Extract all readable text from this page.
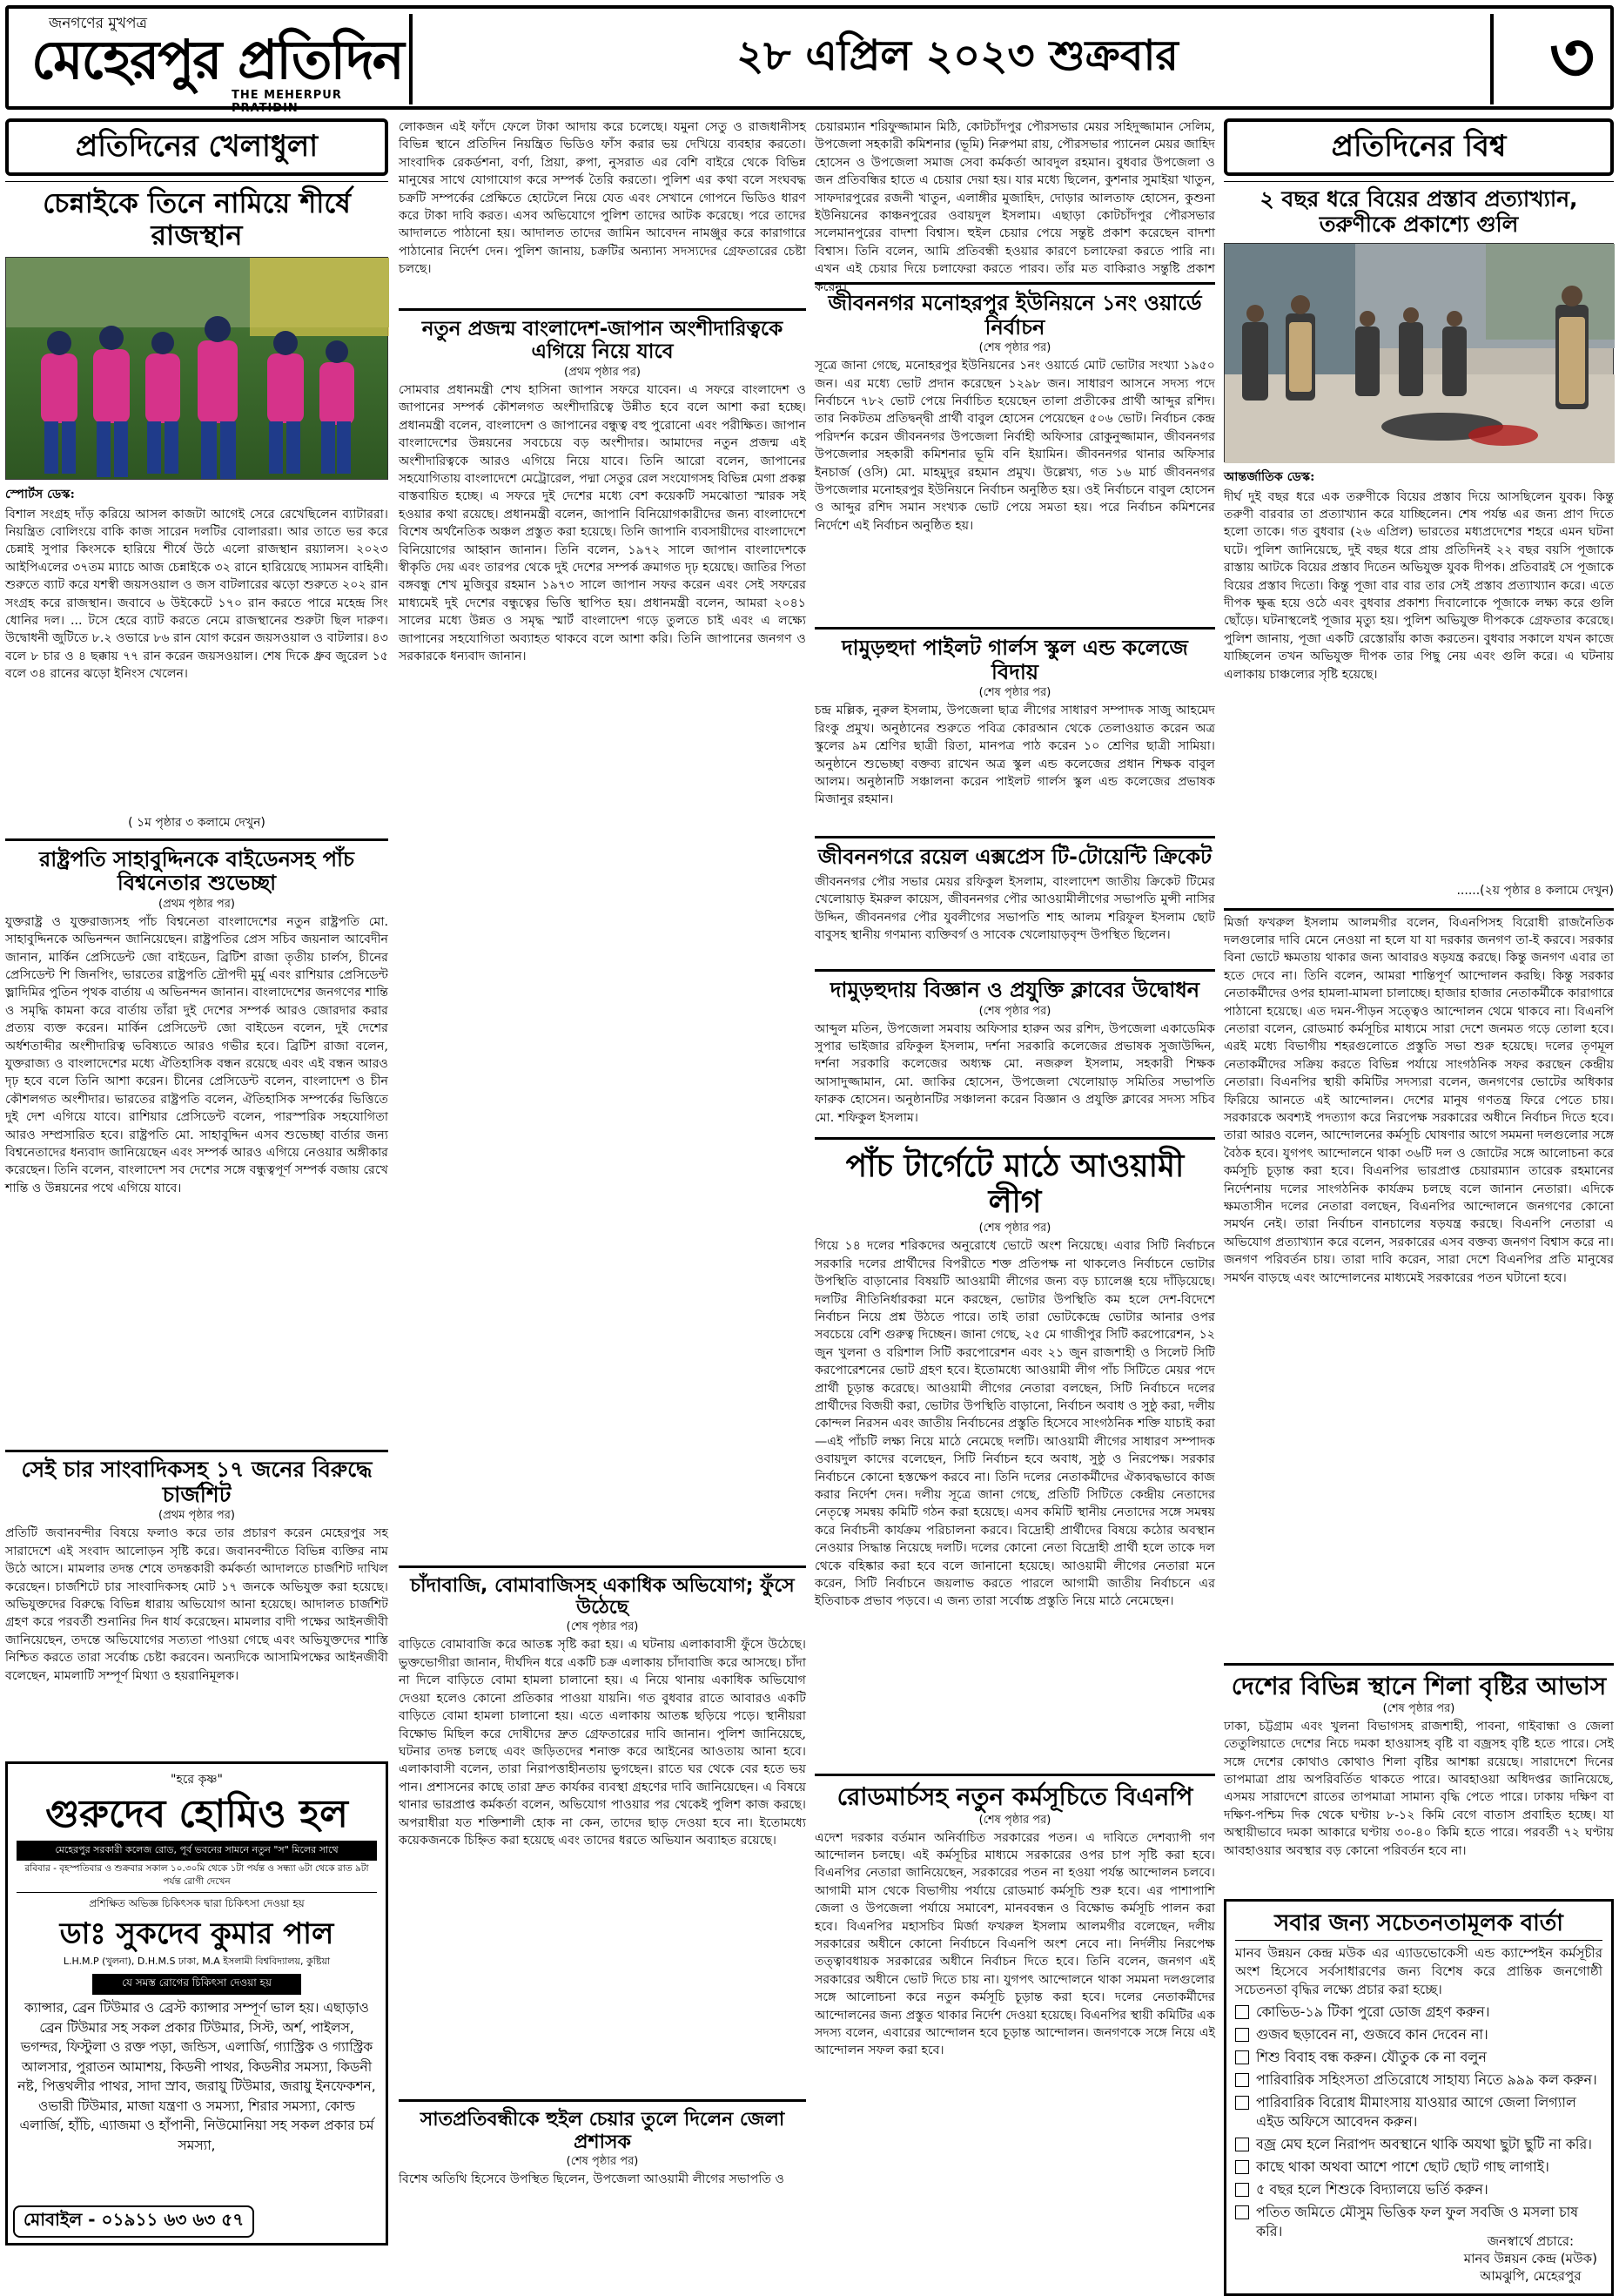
জনগণের মুখপত্র
মেহেরপুর প্রতিদিন
THE MEHERPUR PRATIDIN
২৮ এপ্রিল ২০২৩ শুক্রবার	৩
প্রতিদিনের খেলাধুলা
চেন্নাইকে তিনে নামিয়ে শীর্ষে রাজস্থান
স্পোর্টস ডেস্ক:
বিশাল সংগ্রহ দাঁড় করিয়ে আসল কাজটা আগেই সেরে রেখেছিলেন ব্যাটাররা। নিয়ন্ত্রিত বোলিংয়ে বাকি কাজ সারেন দলটির বোলাররা। আর তাতে ভর করে চেন্নাই সুপার কিংসকে হারিয়ে শীর্ষে উঠে এলো রাজস্থান রয়্যালস। ২০২৩ আইপিএলের ৩৭তম ম্যাচে আজ চেন্নাইকে ৩২ রানে হারিয়েছে স্যামসন বাহিনী। শুরুতে ব্যাট করে যশস্বী জয়সওয়াল ও জস বাটলারের ঝড়ো শুরুতে ২০২ রান সংগ্রহ করে রাজস্থান। জবাবে ৬ উইকেটে ১৭০ রান করতে পারে মহেন্দ্র সিং ধোনির দল। ... টসে হেরে ব্যাট করতে নেমে রাজস্থানের শুরুটা ছিল দারুণ। উদ্বোধনী জুটিতে ৮.২ ওভারে ৮৬ রান যোগ করেন জয়সওয়াল ও বাটলার। ৪৩ বলে ৮ চার ও ৪ ছক্কায় ৭৭ রান করেন জয়সওয়াল। শেষ দিকে ধ্রুব জুরেল ১৫ বলে ৩৪ রানের ঝড়ো ইনিংস খেলেন।
( ১ম পৃষ্ঠার ৩ কলামে দেখুন)
রাষ্ট্রপতি সাহাবুদ্দিনকে বাইডেনসহ পাঁচ বিশ্বনেতার শুভেচ্ছা
(প্রথম পৃষ্ঠার পর)
যুক্তরাষ্ট্র ও যুক্তরাজ্যসহ পাঁচ বিশ্বনেতা বাংলাদেশের নতুন রাষ্ট্রপতি মো. সাহাবুদ্দিনকে অভিনন্দন জানিয়েছেন। রাষ্ট্রপতির প্রেস সচিব জয়নাল আবেদীন জানান, মার্কিন প্রেসিডেন্ট জো বাইডেন, ব্রিটিশ রাজা তৃতীয় চার্লস, চীনের প্রেসিডেন্ট শি জিনপিং, ভারতের রাষ্ট্রপতি দ্রৌপদী মুর্মু এবং রাশিয়ার প্রেসিডেন্ট ভ্লাদিমির পুতিন পৃথক বার্তায় এ অভিনন্দন জানান। বাংলাদেশের জনগণের শান্তি ও সমৃদ্ধি কামনা করে বার্তায় তাঁরা দুই দেশের সম্পর্ক আরও জোরদার করার প্রত্যয় ব্যক্ত করেন। মার্কিন প্রেসিডেন্ট জো বাইডেন বলেন, দুই দেশের অর্ধশতাব্দীর অংশীদারিত্ব ভবিষ্যতে আরও গভীর হবে। ব্রিটিশ রাজা বলেন, যুক্তরাজ্য ও বাংলাদেশের মধ্যে ঐতিহাসিক বন্ধন রয়েছে এবং এই বন্ধন আরও দৃঢ় হবে বলে তিনি আশা করেন। চীনের প্রেসিডেন্ট বলেন, বাংলাদেশ ও চীন কৌশলগত অংশীদার। ভারতের রাষ্ট্রপতি বলেন, ঐতিহাসিক সম্পর্কের ভিত্তিতে দুই দেশ এগিয়ে যাবে। রাশিয়ার প্রেসিডেন্ট বলেন, পারস্পরিক সহযোগিতা আরও সম্প্রসারিত হবে। রাষ্ট্রপতি মো. সাহাবুদ্দিন এসব শুভেচ্ছা বার্তার জন্য বিশ্বনেতাদের ধন্যবাদ জানিয়েছেন এবং সম্পর্ক আরও এগিয়ে নেওয়ার অঙ্গীকার করেছেন। তিনি বলেন, বাংলাদেশ সব দেশের সঙ্গে বন্ধুত্বপূর্ণ সম্পর্ক বজায় রেখে শান্তি ও উন্নয়নের পথে এগিয়ে যাবে।
সেই চার সাংবাদিকসহ ১৭ জনের বিরুদ্ধে চার্জশিট
(প্রথম পৃষ্ঠার পর)
প্রতিটি জবানবন্দীর বিষয়ে ফলাও করে তার প্রচারণ করেন মেহেরপুর সহ সারাদেশে এই সংবাদ আলোড়ন সৃষ্টি করে। জবানবন্দীতে বিভিন্ন ব্যক্তির নাম উঠে আসে। মামলার তদন্ত শেষে তদন্তকারী কর্মকর্তা আদালতে চার্জশিট দাখিল করেছেন। চার্জশিটে চার সাংবাদিকসহ মোট ১৭ জনকে অভিযুক্ত করা হয়েছে। অভিযুক্তদের বিরুদ্ধে বিভিন্ন ধারায় অভিযোগ আনা হয়েছে। আদালত চার্জশিট গ্রহণ করে পরবর্তী শুনানির দিন ধার্য করেছেন। মামলার বাদী পক্ষের আইনজীবী জানিয়েছেন, তদন্তে অভিযোগের সত্যতা পাওয়া গেছে এবং অভিযুক্তদের শাস্তি নিশ্চিত করতে তারা সর্বোচ্চ চেষ্টা করবেন। অন্যদিকে আসামিপক্ষের আইনজীবী বলেছেন, মামলাটি সম্পূর্ণ মিথ্যা ও হয়রানিমূলক।
"হরে কৃষ্ণ"
গুরুদেব হোমিও হল
মেহেরপুর সরকারী কলেজ রোড, পূর্ব ভবনের সামনে নতুন "স" মিলের সাথে
রবিবার - বৃহস্পতিবার ও শুক্রবার সকাল ১০.৩০মি থেকে ১টা পর্যন্ত ও সন্ধ্যা ৬টা থেকে রাত ৯টা পর্যন্ত রোগী দেখেন
প্রশিক্ষিত অভিজ্ঞ চিকিৎসক দ্বারা চিকিৎসা দেওয়া হয়
ডাঃ সুকদেব কুমার পাল
L.H.M.P (খুলনা), D.H.M.S ঢাকা, M.A ইসলামী বিশ্ববিদ্যালয়, কুষ্টিয়া
যে সমস্ত রোগের চিকিৎসা দেওয়া হয়
ক্যান্সার, ব্রেন টিউমার ও ব্রেস্ট ক্যান্সার সম্পূর্ণ ভাল হয়। এছাড়াও ব্রেন টিউমার সহ সকল প্রকার টিউমার, সিস্ট, অর্শ, পাইলস, ভগন্দর, ফিস্টুলা ও রক্ত পড়া, জন্ডিস, এলার্জি, গ্যাস্ট্রিক ও গ্যাস্ট্রিক আলসার, পুরাতন আমাশয়, কিডনী পাথর, কিডনীর সমস্যা, কিডনী নষ্ট, পিত্তথলীর পাথর, সাদা স্রাব, জরায়ু টিউমার, জরায়ু ইনফেকশন, ওভারী টিউমার, মাজা যন্ত্রণা ও সমস্যা, শিরার সমস্যা, কোল্ড এলার্জি, হাঁচি, এ্যাজমা ও হাঁপানী, নিউমোনিয়া সহ সকল প্রকার চর্ম সমস্যা,
মোবাইল - ০১৯১১ ৬৩ ৬৩ ৫৭
লোকজন এই ফাঁদে ফেলে টাকা আদায় করে চলেছে। যমুনা সেতু ও রাজধানীসহ বিভিন্ন স্থানে প্রতিদিন নিয়ন্ত্রিত ভিডিও ফাঁস করার ভয় দেখিয়ে ব্যবহার করতো। সাংবাদিক রেকর্ডশনা, বর্ণা, প্রিয়া, রুপা, নুসরাত এর বেশি বাইরে থেকে বিভিন্ন মানুষের সাথে যোগাযোগ করে সম্পর্ক তৈরি করতো। পুলিশ এর কথা বলে সংঘবদ্ধ চক্রটি সম্পর্কের প্রেক্ষিতে হোটেলে নিয়ে যেত এবং সেখানে গোপনে ভিডিও ধারণ করে টাকা দাবি করত। এসব অভিযোগে পুলিশ তাদের আটক করেছে। পরে তাদের আদালতে পাঠানো হয়। আদালত তাদের জামিন আবেদন নামঞ্জুর করে কারাগারে পাঠানোর নির্দেশ দেন। পুলিশ জানায়, চক্রটির অন্যান্য সদস্যদের গ্রেফতারের চেষ্টা চলছে।
নতুন প্রজন্ম বাংলাদেশ-জাপান অংশীদারিত্বকে এগিয়ে নিয়ে যাবে
(প্রথম পৃষ্ঠার পর)
সোমবার প্রধানমন্ত্রী শেখ হাসিনা জাপান সফরে যাবেন। এ সফরে বাংলাদেশ ও জাপানের সম্পর্ক কৌশলগত অংশীদারিত্বে উন্নীত হবে বলে আশা করা হচ্ছে। প্রধানমন্ত্রী বলেন, বাংলাদেশ ও জাপানের বন্ধুত্ব বহু পুরোনো এবং পরীক্ষিত। জাপান বাংলাদেশের উন্নয়নের সবচেয়ে বড় অংশীদার। আমাদের নতুন প্রজন্ম এই অংশীদারিত্বকে আরও এগিয়ে নিয়ে যাবে। তিনি আরো বলেন, জাপানের সহযোগিতায় বাংলাদেশে মেট্রোরেল, পদ্মা সেতুর রেল সংযোগসহ বিভিন্ন মেগা প্রকল্প বাস্তবায়িত হচ্ছে। এ সফরে দুই দেশের মধ্যে বেশ কয়েকটি সমঝোতা স্মারক সই হওয়ার কথা রয়েছে। প্রধানমন্ত্রী বলেন, জাপানি বিনিয়োগকারীদের জন্য বাংলাদেশে বিশেষ অর্থনৈতিক অঞ্চল প্রস্তুত করা হয়েছে। তিনি জাপানি ব্যবসায়ীদের বাংলাদেশে বিনিয়োগের আহ্বান জানান। তিনি বলেন, ১৯৭২ সালে জাপান বাংলাদেশকে স্বীকৃতি দেয় এবং তারপর থেকে দুই দেশের সম্পর্ক ক্রমাগত দৃঢ় হয়েছে। জাতির পিতা বঙ্গবন্ধু শেখ মুজিবুর রহমান ১৯৭৩ সালে জাপান সফর করেন এবং সেই সফরের মাধ্যমেই দুই দেশের বন্ধুত্বের ভিত্তি স্থাপিত হয়। প্রধানমন্ত্রী বলেন, আমরা ২০৪১ সালের মধ্যে উন্নত ও সমৃদ্ধ স্মার্ট বাংলাদেশ গড়ে তুলতে চাই এবং এ লক্ষ্যে জাপানের সহযোগিতা অব্যাহত থাকবে বলে আশা করি। তিনি জাপানের জনগণ ও সরকারকে ধন্যবাদ জানান।
চাঁদাবাজি, বোমাবাজিসহ একাধিক অভিযোগ; ফুঁসে উঠেছে
(শেষ পৃষ্ঠার পর)
বাড়িতে বোমাবাজি করে আতঙ্ক সৃষ্টি করা হয়। এ ঘটনায় এলাকাবাসী ফুঁসে উঠেছে। ভুক্তভোগীরা জানান, দীর্ঘদিন ধরে একটি চক্র এলাকায় চাঁদাবাজি করে আসছে। চাঁদা না দিলে বাড়িতে বোমা হামলা চালানো হয়। এ নিয়ে থানায় একাধিক অভিযোগ দেওয়া হলেও কোনো প্রতিকার পাওয়া যায়নি। গত বুধবার রাতে আবারও একটি বাড়িতে বোমা হামলা চালানো হয়। এতে এলাকায় আতঙ্ক ছড়িয়ে পড়ে। স্থানীয়রা বিক্ষোভ মিছিল করে দোষীদের দ্রুত গ্রেফতারের দাবি জানান। পুলিশ জানিয়েছে, ঘটনার তদন্ত চলছে এবং জড়িতদের শনাক্ত করে আইনের আওতায় আনা হবে। এলাকাবাসী বলেন, তারা নিরাপত্তাহীনতায় ভুগছেন। রাতে ঘর থেকে বের হতে ভয় পান। প্রশাসনের কাছে তারা দ্রুত কার্যকর ব্যবস্থা গ্রহণের দাবি জানিয়েছেন। এ বিষয়ে থানার ভারপ্রাপ্ত কর্মকর্তা বলেন, অভিযোগ পাওয়ার পর থেকেই পুলিশ কাজ করছে। অপরাধীরা যত শক্তিশালী হোক না কেন, তাদের ছাড় দেওয়া হবে না। ইতোমধ্যে কয়েকজনকে চিহ্নিত করা হয়েছে এবং তাদের ধরতে অভিযান অব্যাহত রয়েছে।
সাতপ্রতিবন্ধীকে হুইল চেয়ার তুলে দিলেন জেলা প্রশাসক
(শেষ পৃষ্ঠার পর)
বিশেষ অতিথি হিসেবে উপস্থিত ছিলেন, উপজেলা আওয়ামী লীগের সভাপতি ও
চেয়ারম্যান শরিফুজ্জামান মিঠি, কোটচাঁদপুর পৌরসভার মেয়র সহিদুজ্জামান সেলিম, উপজেলা সহকারী কমিশনার (ভূমি) নিরুপমা রায়, পৌরসভার প্যানেল মেয়র জাহিদ হোসেন ও উপজেলা সমাজ সেবা কর্মকর্তা আবদুল রহমান। বুধবার উপজেলা ও জন প্রতিবন্ধির হাতে এ চেয়ার দেয়া হয়। যার মধ্যে ছিলেন, কুশনার সুমাইয়া খাতুন, সাফদারপুরের রজনী খাতুন, এলাঙ্গীর মুজাহিদ, দোড়ার আলতাফ হোসেন, কুশুনা ইউনিয়নের কাঞ্চনপুরের ওবায়দুল ইসলাম। এছাড়া কোটচাঁদপুর পৌরসভার সলেমানপুরের বাদশা বিশ্বাস। হুইল চেয়ার পেয়ে সন্তুষ্ট প্রকাশ করেছেন বাদশা বিশ্বাস। তিনি বলেন, আমি প্রতিবন্ধী হওয়ার কারণে চলাফেরা করতে পারি না। এখন এই চেয়ার দিয়ে চলাফেরা করতে পারব। তাঁর মত বাকিরাও সন্তুষ্টি প্রকাশ করেন।
জীবননগর মনোহরপুর ইউনিয়নে ১নং ওয়ার্ডে নির্বাচন
(শেষ পৃষ্ঠার পর)
সূত্রে জানা গেছে, মনোহরপুর ইউনিয়নের ১নং ওয়ার্ডে মোট ভোটার সংখ্যা ১৯৫০ জন। এর মধ্যে ভোট প্রদান করেছেন ১২৯৮ জন। সাধারণ আসনে সদস্য পদে নির্বাচনে ৭৮২ ভোট পেয়ে নির্বাচিত হয়েছেন তালা প্রতীকের প্রার্থী আব্দুর রশিদ। তার নিকটতম প্রতিদ্বন্দ্বী প্রার্থী বাবুল হোসেন পেয়েছেন ৫০৬ ভোট। নির্বাচন কেন্দ্র পরিদর্শন করেন জীবননগর উপজেলা নির্বাহী অফিসার রোকুনুজ্জামান, জীবননগর উপজেলার সহকারী কমিশনার ভূমি বনি ইয়ামিন। জীবননগর থানার অফিসার ইনচার্জ (ওসি) মো. মাহমুদুর রহমান প্রমুখ। উল্লেখ্য, গত ১৬ মার্চ জীবননগর উপজেলার মনোহরপুর ইউনিয়নে নির্বাচন অনুষ্ঠিত হয়। ওই নির্বাচনে বাবুল হোসেন ও আব্দুর রশিদ সমান সংখ্যক ভোট পেয়ে সমতা হয়। পরে নির্বাচন কমিশনের নির্দেশে এই নির্বাচন অনুষ্ঠিত হয়।
দামুড়হুদা পাইলট গার্লস স্কুল এন্ড কলেজে বিদায়
(শেষ পৃষ্ঠার পর)
চন্দ্র মল্লিক, নুরুল ইসলাম, উপজেলা ছাত্র লীগের সাধারণ সম্পাদক সাজু আহমেদ রিংকু প্রমুখ। অনুষ্ঠানের শুরুতে পবিত্র কোরআন থেকে তেলাওয়াত করেন অত্র স্কুলের ৯ম শ্রেণির ছাত্রী রিতা, মানপত্র পাঠ করেন ১০ শ্রেণির ছাত্রী সামিয়া। অনুষ্ঠানে শুভেচ্ছা বক্তব্য রাখেন অত্র স্কুল এন্ড কলেজের প্রধান শিক্ষক বাবুল আলম। অনুষ্ঠানটি সঞ্চালনা করেন পাইলট গার্লস স্কুল এন্ড কলেজের প্রভাষক মিজানুর রহমান।
জীবননগরে রয়েল এক্সপ্রেস টি-টোয়েন্টি ক্রিকেট
জীবননগর পৌর সভার মেয়র রফিকুল ইসলাম, বাংলাদেশ জাতীয় ক্রিকেট টিমের খেলোয়াড় ইমরুল কায়েস, জীবননগর পৌর আওয়ামীলীগের সভাপতি মুন্সী নাসির উদ্দিন, জীবননগর পৌর যুবলীগের সভাপতি শাহ আলম শরিফুল ইসলাম ছোট বাবুসহ স্থানীয় গণমান্য ব্যক্তিবর্গ ও সাবেক খেলোয়াড়বৃন্দ উপস্থিত ছিলেন।
দামুড়হুদায় বিজ্ঞান ও প্রযুক্তি ক্লাবের উদ্বোধন
(শেষ পৃষ্ঠার পর)
আব্দুল মতিন, উপজেলা সমবায় অফিসার হারুন অর রশিদ, উপজেলা একাডেমিক সুপার ভাইজার রফিকুল ইসলাম, দর্শনা সরকারি কলেজের প্রভাষক সুজাউদ্দিন, দর্শনা সরকারি কলেজের অধ্যক্ষ মো. নজরুল ইসলাম, সহকারী শিক্ষক আসাদুজ্জামান, মো. জাকির হোসেন, উপজেলা খেলোয়াড় সমিতির সভাপতি ফারুক হোসেন। অনুষ্ঠানটির সঞ্চালনা করেন বিজ্ঞান ও প্রযুক্তি ক্লাবের সদস্য সচিব মো. শফিকুল ইসলাম।
পাঁচ টার্গেটে মাঠে আওয়ামী লীগ
(শেষ পৃষ্ঠার পর)
গিয়ে ১৪ দলের শরিকদের অনুরোধে ভোটে অংশ নিয়েছে। এবার সিটি নির্বাচনে সরকারি দলের প্রার্থীদের বিপরীতে শক্ত প্রতিপক্ষ না থাকলেও নির্বাচনে ভোটার উপস্থিতি বাড়ানোর বিষয়টি আওয়ামী লীগের জন্য বড় চ্যালেঞ্জ হয়ে দাঁড়িয়েছে। দলটির নীতিনির্ধারকরা মনে করছেন, ভোটার উপস্থিতি কম হলে দেশ-বিদেশে নির্বাচন নিয়ে প্রশ্ন উঠতে পারে। তাই তারা ভোটকেন্দ্রে ভোটার আনার ওপর সবচেয়ে বেশি গুরুত্ব দিচ্ছেন। জানা গেছে, ২৫ মে গাজীপুর সিটি করপোরেশন, ১২ জুন খুলনা ও বরিশাল সিটি করপোরেশন এবং ২১ জুন রাজশাহী ও সিলেট সিটি করপোরেশনের ভোট গ্রহণ হবে। ইতোমধ্যে আওয়ামী লীগ পাঁচ সিটিতে মেয়র পদে প্রার্থী চূড়ান্ত করেছে। আওয়ামী লীগের নেতারা বলছেন, সিটি নির্বাচনে দলের প্রার্থীদের বিজয়ী করা, ভোটার উপস্থিতি বাড়ানো, নির্বাচন অবাধ ও সুষ্ঠু করা, দলীয় কোন্দল নিরসন এবং জাতীয় নির্বাচনের প্রস্তুতি হিসেবে সাংগঠনিক শক্তি যাচাই করা—এই পাঁচটি লক্ষ্য নিয়ে মাঠে নেমেছে দলটি। আওয়ামী লীগের সাধারণ সম্পাদক ওবায়দুল কাদের বলেছেন, সিটি নির্বাচন হবে অবাধ, সুষ্ঠু ও নিরপেক্ষ। সরকার নির্বাচনে কোনো হস্তক্ষেপ করবে না। তিনি দলের নেতাকর্মীদের ঐক্যবদ্ধভাবে কাজ করার নির্দেশ দেন। দলীয় সূত্রে জানা গেছে, প্রতিটি সিটিতে কেন্দ্রীয় নেতাদের নেতৃত্বে সমন্বয় কমিটি গঠন করা হয়েছে। এসব কমিটি স্থানীয় নেতাদের সঙ্গে সমন্বয় করে নির্বাচনী কার্যক্রম পরিচালনা করবে। বিদ্রোহী প্রার্থীদের বিষয়ে কঠোর অবস্থান নেওয়ার সিদ্ধান্ত নিয়েছে দলটি। দলের কোনো নেতা বিদ্রোহী প্রার্থী হলে তাকে দল থেকে বহিষ্কার করা হবে বলে জানানো হয়েছে। আওয়ামী লীগের নেতারা মনে করেন, সিটি নির্বাচনে জয়লাভ করতে পারলে আগামী জাতীয় নির্বাচনে এর ইতিবাচক প্রভাব পড়বে। এ জন্য তারা সর্বোচ্চ প্রস্তুতি নিয়ে মাঠে নেমেছেন।
রোডমার্চসহ নতুন কর্মসূচিতে বিএনপি
(শেষ পৃষ্ঠার পর)
এদেশ দরকার বর্তমান অনির্বাচিত সরকারের পতন। এ দাবিতে দেশব্যাপী গণ আন্দোলন চলছে। এই কর্মসূচির মাধ্যমে সরকারের ওপর চাপ সৃষ্টি করা হবে। বিএনপির নেতারা জানিয়েছেন, সরকারের পতন না হওয়া পর্যন্ত আন্দোলন চলবে। আগামী মাস থেকে বিভাগীয় পর্যায়ে রোডমার্চ কর্মসূচি শুরু হবে। এর পাশাপাশি জেলা ও উপজেলা পর্যায়ে সমাবেশ, মানববন্ধন ও বিক্ষোভ কর্মসূচি পালন করা হবে। বিএনপির মহাসচিব মির্জা ফখরুল ইসলাম আলমগীর বলেছেন, দলীয় সরকারের অধীনে কোনো নির্বাচনে বিএনপি অংশ নেবে না। নির্দলীয় নিরপেক্ষ তত্ত্বাবধায়ক সরকারের অধীনে নির্বাচন দিতে হবে। তিনি বলেন, জনগণ এই সরকারের অধীনে ভোট দিতে চায় না। যুগপৎ আন্দোলনে থাকা সমমনা দলগুলোর সঙ্গে আলোচনা করে নতুন কর্মসূচি চূড়ান্ত করা হবে। দলের নেতাকর্মীদের আন্দোলনের জন্য প্রস্তুত থাকার নির্দেশ দেওয়া হয়েছে। বিএনপির স্থায়ী কমিটির এক সদস্য বলেন, এবারের আন্দোলন হবে চূড়ান্ত আন্দোলন। জনগণকে সঙ্গে নিয়ে এই আন্দোলন সফল করা হবে।
প্রতিদিনের বিশ্ব
২ বছর ধরে বিয়ের প্রস্তাব প্রত্যাখ্যান, তরুণীকে প্রকাশ্যে গুলি
আন্তর্জাতিক ডেস্ক:
দীর্ঘ দুই বছর ধরে এক তরুণীকে বিয়ের প্রস্তাব দিয়ে আসছিলেন যুবক। কিন্তু তরুণী বারবার তা প্রত্যাখ্যান করে যাচ্ছিলেন। শেষ পর্যন্ত এর জন্য প্রাণ দিতে হলো তাকে। গত বুধবার (২৬ এপ্রিল) ভারতের মধ্যপ্রদেশের শহরে এমন ঘটনা ঘটে। পুলিশ জানিয়েছে, দুই বছর ধরে প্রায় প্রতিদিনই ২২ বছর বয়সি পূজাকে রাস্তায় আটকে বিয়ের প্রস্তাব দিতেন অভিযুক্ত যুবক দীপক। প্রতিবারই সে পূজাকে বিয়ের প্রস্তাব দিতো। কিন্তু পূজা বার বার তার সেই প্রস্তাব প্রত্যাখ্যান করে। এতে দীপক ক্ষুব্ধ হয়ে ওঠে এবং বুধবার প্রকাশ্য দিবালোকে পূজাকে লক্ষ্য করে গুলি ছোঁড়ে। ঘটনাস্থলেই পূজার মৃত্যু হয়। পুলিশ অভিযুক্ত দীপককে গ্রেফতার করেছে। পুলিশ জানায়, পূজা একটি রেস্তোরাঁয় কাজ করতেন। বুধবার সকালে যখন কাজে যাচ্ছিলেন তখন অভিযুক্ত দীপক তার পিছু নেয় এবং গুলি করে। এ ঘটনায় এলাকায় চাঞ্চল্যের সৃষ্টি হয়েছে।
......(২য় পৃষ্ঠার ৪ কলামে দেখুন)
মির্জা ফখরুল ইসলাম আলমগীর বলেন, বিএনপিসহ বিরোধী রাজনৈতিক দলগুলোর দাবি মেনে নেওয়া না হলে যা যা দরকার জনগণ তা-ই করবে। সরকার বিনা ভোটে ক্ষমতায় থাকার জন্য আবারও ষড়যন্ত্র করছে। কিন্তু জনগণ এবার তা হতে দেবে না। তিনি বলেন, আমরা শান্তিপূর্ণ আন্দোলন করছি। কিন্তু সরকার নেতাকর্মীদের ওপর হামলা-মামলা চালাচ্ছে। হাজার হাজার নেতাকর্মীকে কারাগারে পাঠানো হয়েছে। এত দমন-পীড়ন সত্ত্বেও আন্দোলন থেমে থাকবে না। বিএনপি নেতারা বলেন, রোডমার্চ কর্মসূচির মাধ্যমে সারা দেশে জনমত গড়ে তোলা হবে। এরই মধ্যে বিভাগীয় শহরগুলোতে প্রস্তুতি সভা শুরু হয়েছে। দলের তৃণমূল নেতাকর্মীদের সক্রিয় করতে বিভিন্ন পর্যায়ে সাংগঠনিক সফর করছেন কেন্দ্রীয় নেতারা। বিএনপির স্থায়ী কমিটির সদস্যরা বলেন, জনগণের ভোটের অধিকার ফিরিয়ে আনতে এই আন্দোলন। দেশের মানুষ গণতন্ত্র ফিরে পেতে চায়। সরকারকে অবশ্যই পদত্যাগ করে নিরপেক্ষ সরকারের অধীনে নির্বাচন দিতে হবে। তারা আরও বলেন, আন্দোলনের কর্মসূচি ঘোষণার আগে সমমনা দলগুলোর সঙ্গে বৈঠক হবে। যুগপৎ আন্দোলনে থাকা ৩৬টি দল ও জোটের সঙ্গে আলোচনা করে কর্মসূচি চূড়ান্ত করা হবে। বিএনপির ভারপ্রাপ্ত চেয়ারম্যান তারেক রহমানের নির্দেশনায় দলের সাংগঠনিক কার্যক্রম চলছে বলে জানান নেতারা। এদিকে ক্ষমতাসীন দলের নেতারা বলছেন, বিএনপির আন্দোলনে জনগণের কোনো সমর্থন নেই। তারা নির্বাচন বানচালের ষড়যন্ত্র করছে। বিএনপি নেতারা এ অভিযোগ প্রত্যাখ্যান করে বলেন, সরকারের এসব বক্তব্য জনগণ বিশ্বাস করে না। জনগণ পরিবর্তন চায়। তারা দাবি করেন, সারা দেশে বিএনপির প্রতি মানুষের সমর্থন বাড়ছে এবং আন্দোলনের মাধ্যমেই সরকারের পতন ঘটানো হবে।
দেশের বিভিন্ন স্থানে শিলা বৃষ্টির আভাস
(শেষ পৃষ্ঠার পর)
ঢাকা, চট্টগ্রাম এবং খুলনা বিভাগসহ রাজশাহী, পাবনা, গাইবান্ধা ও জেলা তেতুলিয়াতে দেশের নিচে দমকা হাওয়াসহ বৃষ্টি বা বজ্রসহ বৃষ্টি হতে পারে। সেই সঙ্গে দেশের কোথাও কোথাও শিলা বৃষ্টির আশঙ্কা রয়েছে। সারাদেশে দিনের তাপমাত্রা প্রায় অপরিবর্তিত থাকতে পারে। আবহাওয়া অধিদপ্তর জানিয়েছে, এসময় সারাদেশে রাতের তাপমাত্রা সামান্য বৃদ্ধি পেতে পারে। ঢাকায় দক্ষিণ বা দক্ষিণ-পশ্চিম দিক থেকে ঘণ্টায় ৮-১২ কিমি বেগে বাতাস প্রবাহিত হচ্ছে। যা অস্থায়ীভাবে দমকা আকারে ঘণ্টায় ৩০-৪০ কিমি হতে পারে। পরবর্তী ৭২ ঘণ্টায় আবহাওয়ার অবস্থার বড় কোনো পরিবর্তন হবে না।
সবার জন্য সচেতনতামূলক বার্তা
মানব উন্নয়ন কেন্দ্র মউক এর এ্যাডভোকেসী এন্ড ক্যাম্পেইন কর্মসূচীর অংশ হিসেবে সর্বসাধারণের জন্য বিশেষ করে প্রান্তিক জনগোষ্ঠী সচেতনতা বৃদ্ধির লক্ষ্যে প্রচার করা হচ্ছে।
কোভিড-১৯ টিকা পুরো ডোজ গ্রহণ করুন।
গুজব ছড়াবেন না, গুজবে কান দেবেন না।
শিশু বিবাহ বন্ধ করুন। যৌতুক কে না বলুন
পারিবারিক সহিংসতা প্রতিরোধে সাহায্য নিতে ৯৯৯ কল করুন।
পারিবারিক বিরোধ মীমাংসায় যাওয়ার আগে জেলা লিগ্যাল এইড অফিসে আবেদন করুন।
বজ্র মেঘ হলে নিরাপদ অবস্থানে থাকি অযথা ছুটা ছুটি না করি।
কাছে থাকা অথবা আশে পাশে ছোট ছোট গাছ লাগাই।
৫ বছর হলে শিশুকে বিদ্যালয়ে ভর্তি করুন।
পতিত জমিতে মৌসুম ভিত্তিক ফল ফুল সবজি ও মসলা চাষ করি।
জনস্বার্থে প্রচারে:
মানব উন্নয়ন কেন্দ্র (মউক)
আমঝুপি, মেহেরপুর
